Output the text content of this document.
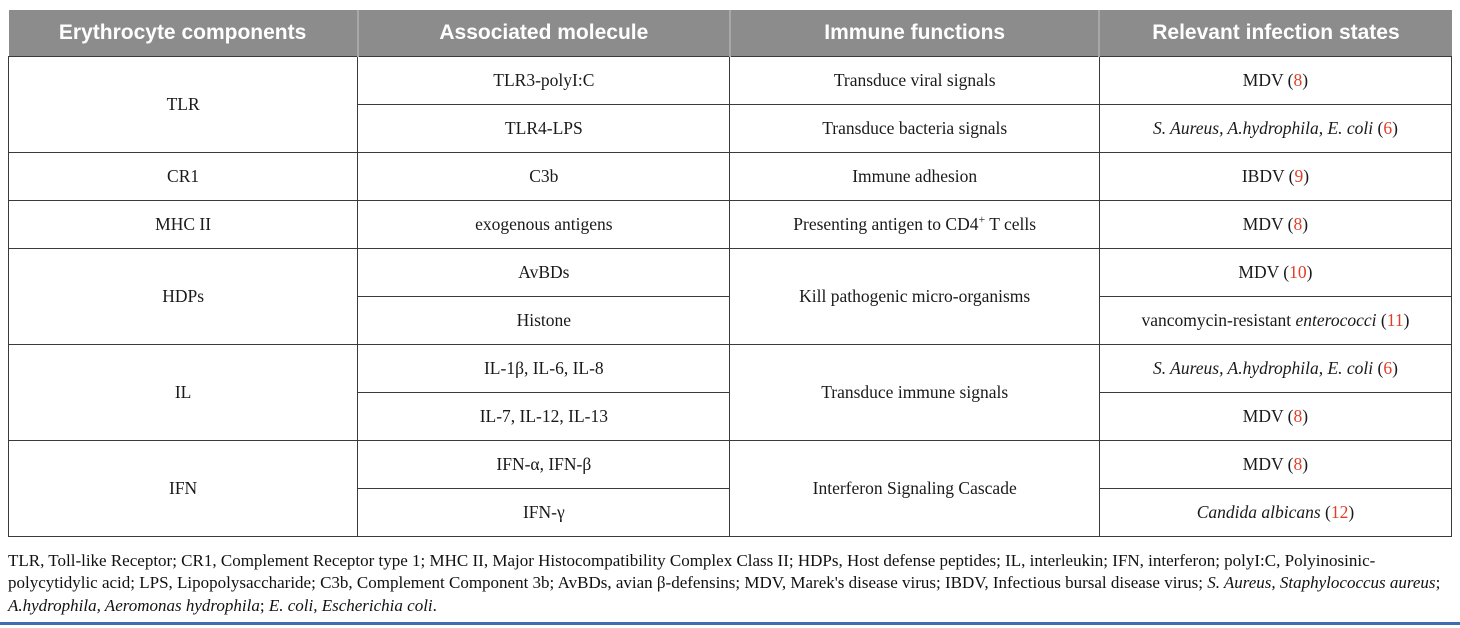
Erythrocyte components	Associated molecule	Immune functions	Relevant infection states
TLR	TLR3-polyI:C	Transduce viral signals	MDV (8)
	TLR4-LPS	Transduce bacteria signals	S. Aureus, A.hydrophila, E. coli (6)
CR1	C3b	Immune adhesion	IBDV (9)
MHC II	exogenous antigens	Presenting antigen to CD4+ T cells	MDV (8)
HDPs	AvBDs	Kill pathogenic micro-organisms	MDV (10)
	Histone		vancomycin-resistant enterococci (11)
IL	IL-1β, IL-6, IL-8	Transduce immune signals	S. Aureus, A.hydrophila, E. coli (6)
	IL-7, IL-12, IL-13		MDV (8)
IFN	IFN-α, IFN-β	Interferon Signaling Cascade	MDV (8)
	IFN-γ		Candida albicans (12)

TLR, Toll-like Receptor; CR1, Complement Receptor type 1; MHC II, Major Histocompatibility Complex Class II; HDPs, Host defense peptides; IL, interleukin; IFN, interferon; polyI:C, Polyinosinic-polycytidylic acid; LPS, Lipopolysaccharide; C3b, Complement Component 3b; AvBDs, avian β-defensins; MDV, Marek's disease virus; IBDV, Infectious bursal disease virus; S. Aureus, Staphylococcus aureus; A.hydrophila, Aeromonas hydrophila; E. coli, Escherichia coli.
